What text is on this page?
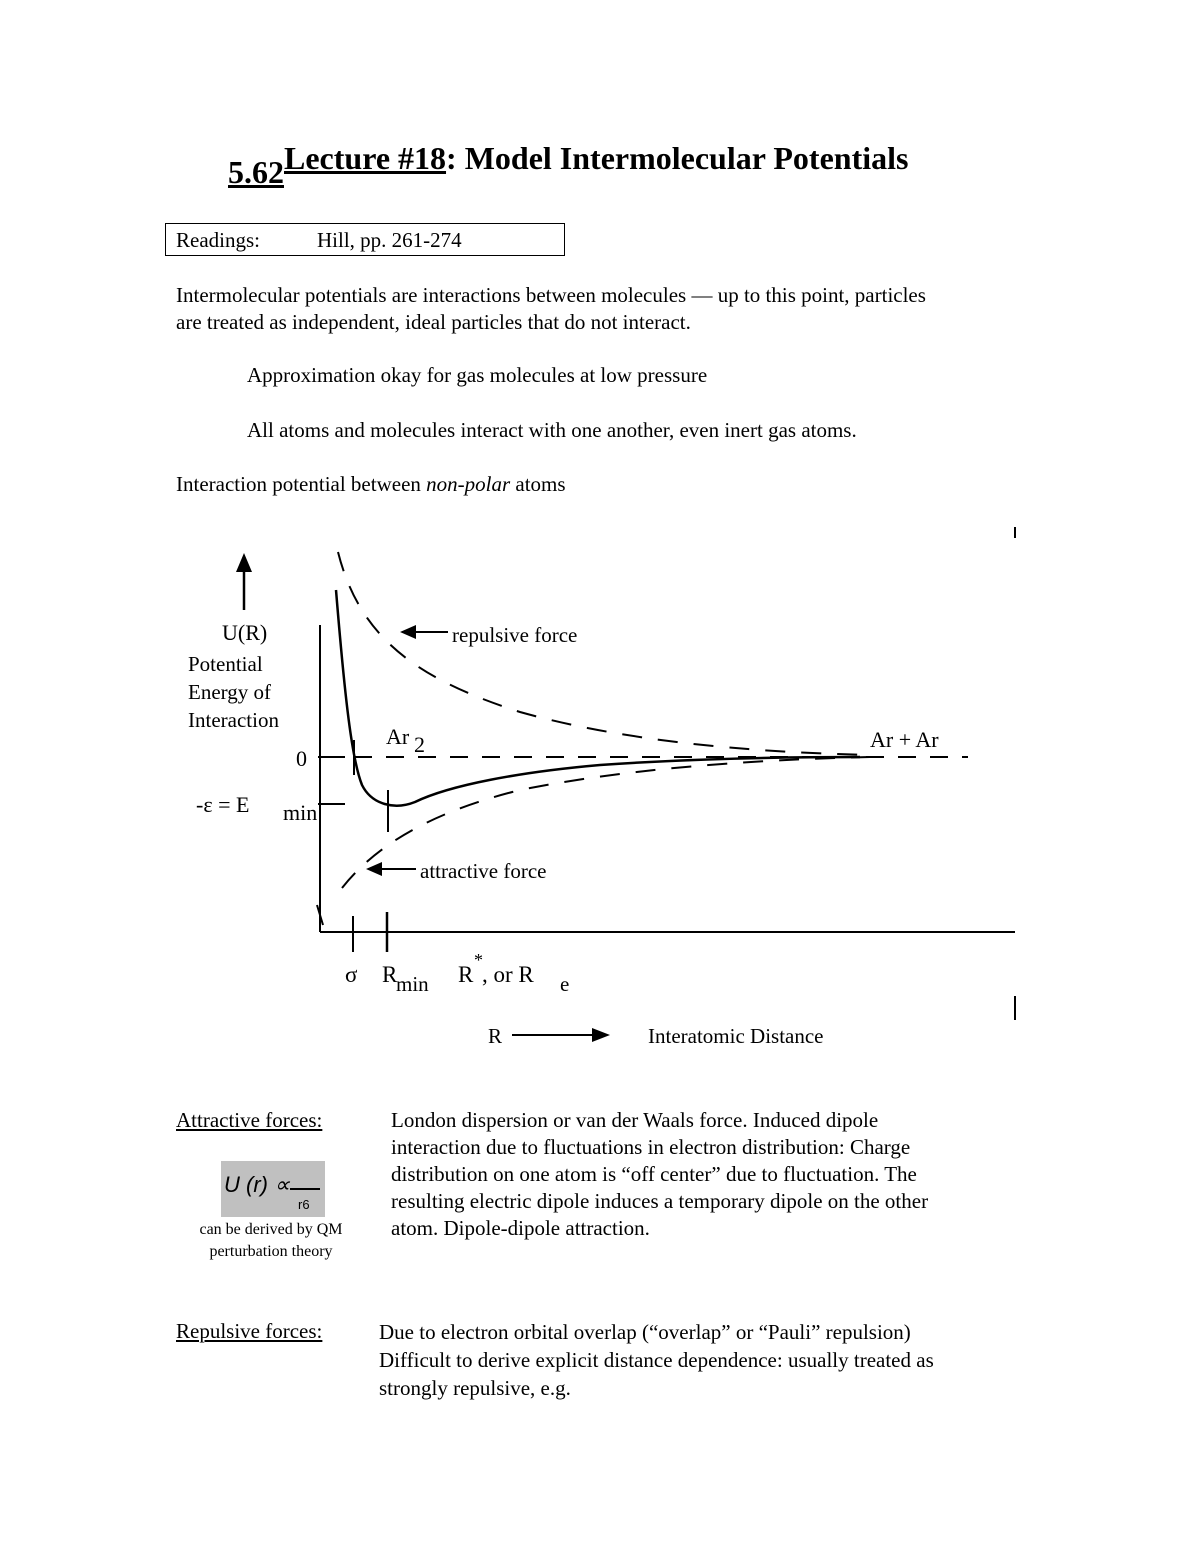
5.62Lecture #18: Model Intermolecular Potentials
Readings:	Hill, pp. 261-274
Intermolecular potentials are interactions between molecules — up to this point, particles
are treated as independent, ideal particles that do not interact.
Approximation okay for gas molecules at low pressure
All atoms and molecules interact with one another, even inert gas atoms.
Interaction potential between non-polar atoms
U(R)
Potential
Energy of
Interaction
0
-ε = E min
repulsive force
attractive force
Ar 2	Ar + Ar
σ R
min R
*
, or R e
R	Interatomic Distance
Attractive forces:	London dispersion or van der Waals force. Induced dipole
interaction due to fluctuations in electron distribution: Charge
distribution on one atom is “off center” due to fluctuation. The
resulting electric dipole induces a temporary dipole on the other
atom. Dipole-dipole attraction.
U (r) ∝
r6
can be derived by QM
perturbation theory
Repulsive forces:	Due to electron orbital overlap (“overlap” or “Pauli” repulsion)
Difficult to derive explicit distance dependence: usually treated as
strongly repulsive, e.g.
